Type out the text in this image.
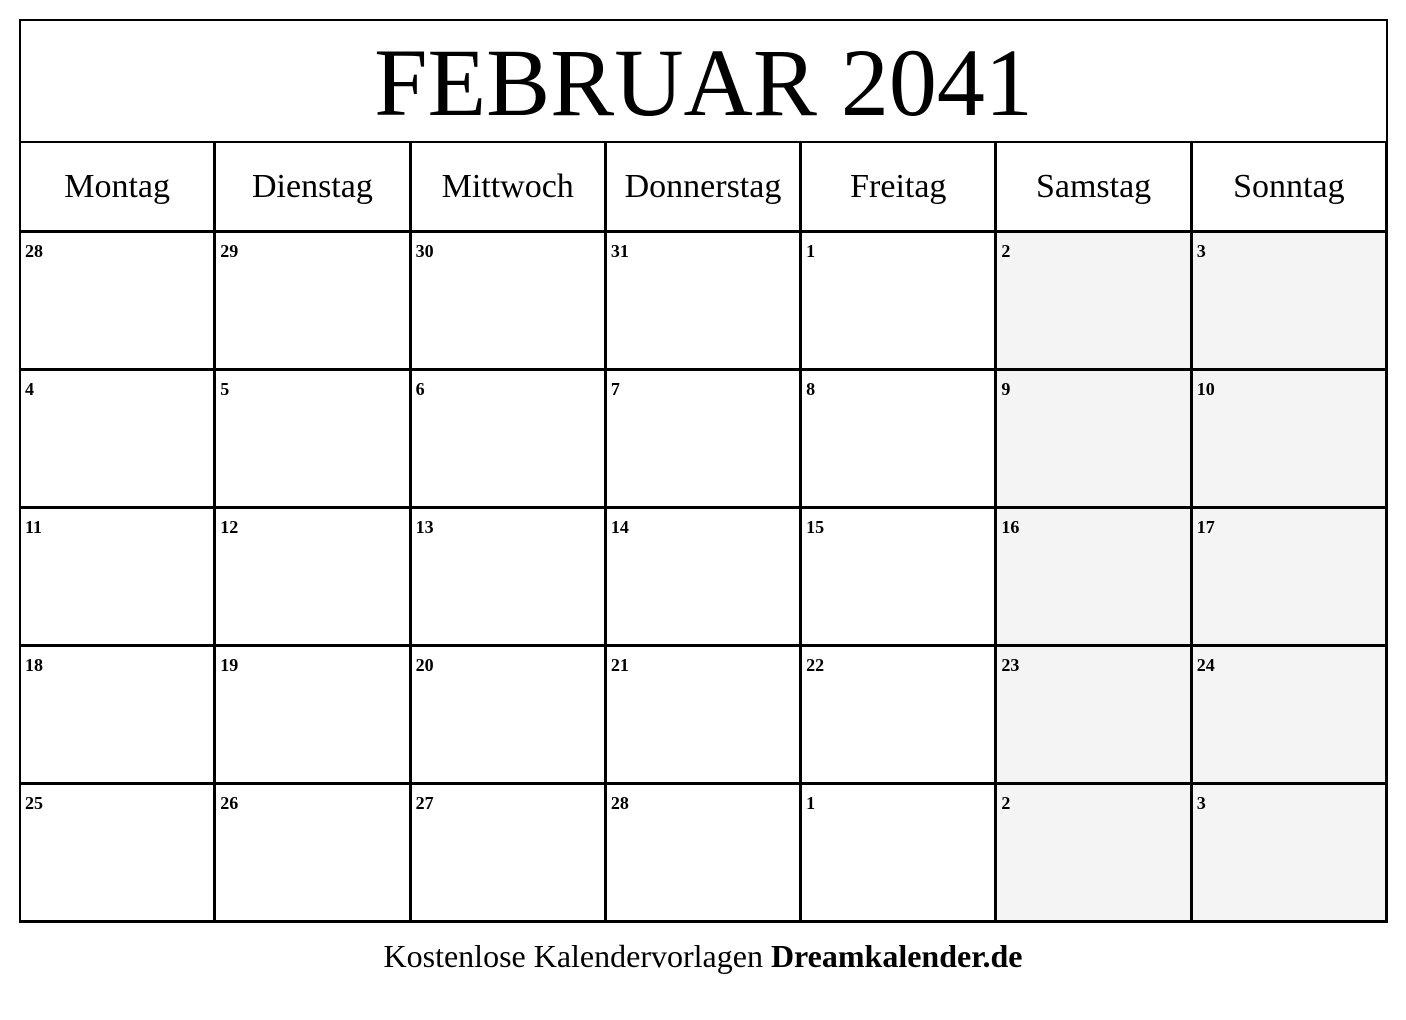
FEBRUAR 2041
Montag	Dienstag	Mittwoch	Donnerstag	Freitag	Samstag	Sonntag
28	29	30	31	1	2	3
4	5	6	7	8	9	10
11	12	13	14	15	16	17
18	19	20	21	22	23	24
25	26	27	28	1	2	3
Kostenlose Kalendervorlagen Dreamkalender.de
